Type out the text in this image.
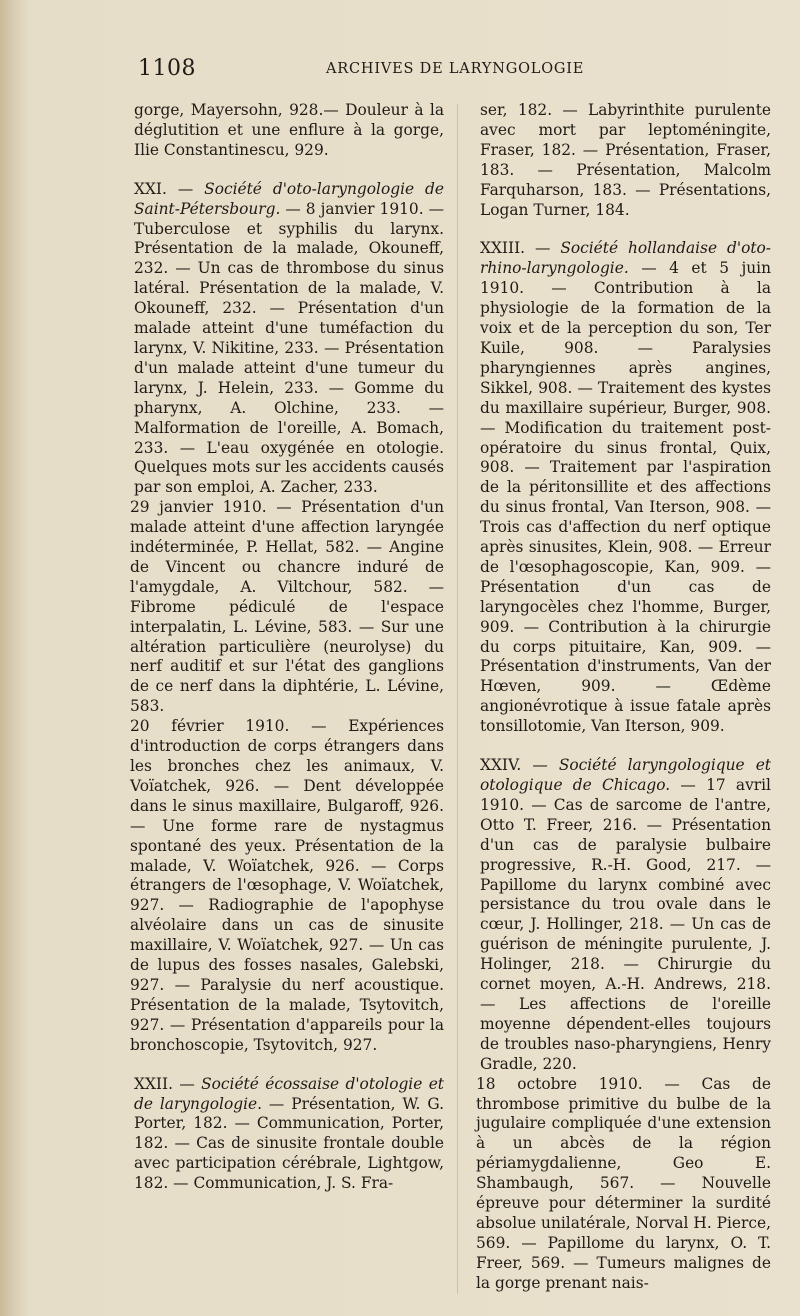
1108	ARCHIVES DE LARYNGOLOGIE

gorge, Mayersohn, 928.— Douleur à la déglutition et une enflure à la gorge, Ilie Constantinescu, 929.

XXI. — Société d'oto-laryngologie de Saint-Pétersbourg. — 8 janvier 1910. — Tuberculose et syphilis du larynx. Présentation de la malade, Okouneff, 232. — Un cas de thrombose du sinus latéral. Présentation de la malade, V. Okouneff, 232. — Présentation d'un malade atteint d'une tuméfaction du larynx, V. Nikitine, 233. — Présentation d'un malade atteint d'une tumeur du larynx, J. Helein, 233. — Gomme du pharynx, A. Olchine, 233. — Malformation de l'oreille, A. Bomach, 233. — L'eau oxygénée en otologie. Quelques mots sur les accidents causés par son emploi, A. Zacher, 233.

29 janvier 1910. — Présentation d'un malade atteint d'une affection laryngée indéterminée, P. Hellat, 582. — Angine de Vincent ou chancre induré de l'amygdale, A. Viltchour, 582. — Fibrome pédiculé de l'espace interpalatin, L. Lévine, 583. — Sur une altération particulière (neurolyse) du nerf auditif et sur l'état des ganglions de ce nerf dans la diphtérie, L. Lévine, 583.

20 février 1910. — Expériences d'introduction de corps étrangers dans les bronches chez les animaux, V. Voïatchek, 926. — Dent développée dans le sinus maxillaire, Bulgaroff, 926. — Une forme rare de nystagmus spontané des yeux. Présentation de la malade, V. Woïatchek, 926. — Corps étrangers de l'œsophage, V. Woïatchek, 927. — Radiographie de l'apophyse alvéolaire dans un cas de sinusite maxillaire, V. Woïatchek, 927. — Un cas de lupus des fosses nasales, Galebski, 927. — Paralysie du nerf acoustique. Présentation de la malade, Tsytovitch, 927. — Présentation d'appareils pour la bronchoscopie, Tsytovitch, 927.

XXII. — Société écossaise d'otologie et de laryngologie. — Présentation, W. G. Porter, 182. — Communication, Porter, 182. — Cas de sinusite frontale double avec participation cérébrale, Lightgow, 182. — Communication, J. S. Fra-

ser, 182. — Labyrinthite purulente avec mort par leptoméningite, Fraser, 182. — Présentation, Fraser, 183. — Présentation, Malcolm Farquharson, 183. — Présentations, Logan Turner, 184.

XXIII. — Société hollandaise d'oto-rhino-laryngologie. — 4 et 5 juin 1910. — Contribution à la physiologie de la formation de la voix et de la perception du son, Ter Kuile, 908. — Paralysies pharyngiennes après angines, Sikkel, 908. — Traitement des kystes du maxillaire supérieur, Burger, 908. — Modification du traitement post-opératoire du sinus frontal, Quix, 908. — Traitement par l'aspiration de la péritonsillite et des affections du sinus frontal, Van Iterson, 908. — Trois cas d'affection du nerf optique après sinusites, Klein, 908. — Erreur de l'œsophagoscopie, Kan, 909. — Présentation d'un cas de laryngocèles chez l'homme, Burger, 909. — Contribution à la chirurgie du corps pituitaire, Kan, 909. — Présentation d'instruments, Van der Hœven, 909. — Œdème angionévrotique à issue fatale après tonsillotomie, Van Iterson, 909.

XXIV. — Société laryngologique et otologique de Chicago. — 17 avril 1910. — Cas de sarcome de l'antre, Otto T. Freer, 216. — Présentation d'un cas de paralysie bulbaire progressive, R.-H. Good, 217. — Papillome du larynx combiné avec persistance du trou ovale dans le cœur, J. Hollinger, 218. — Un cas de guérison de méningite purulente, J. Holinger, 218. — Chirurgie du cornet moyen, A.-H. Andrews, 218. — Les affections de l'oreille moyenne dépendent-elles toujours de troubles naso-pharyngiens, Henry Gradle, 220.

18 octobre 1910. — Cas de thrombose primitive du bulbe de la jugulaire compliquée d'une extension à un abcès de la région périamygdalienne, Geo E. Shambaugh, 567. — Nouvelle épreuve pour déterminer la surdité absolue unilatérale, Norval H. Pierce, 569. — Papillome du larynx, O. T. Freer, 569. — Tumeurs malignes de la gorge prenant nais-
